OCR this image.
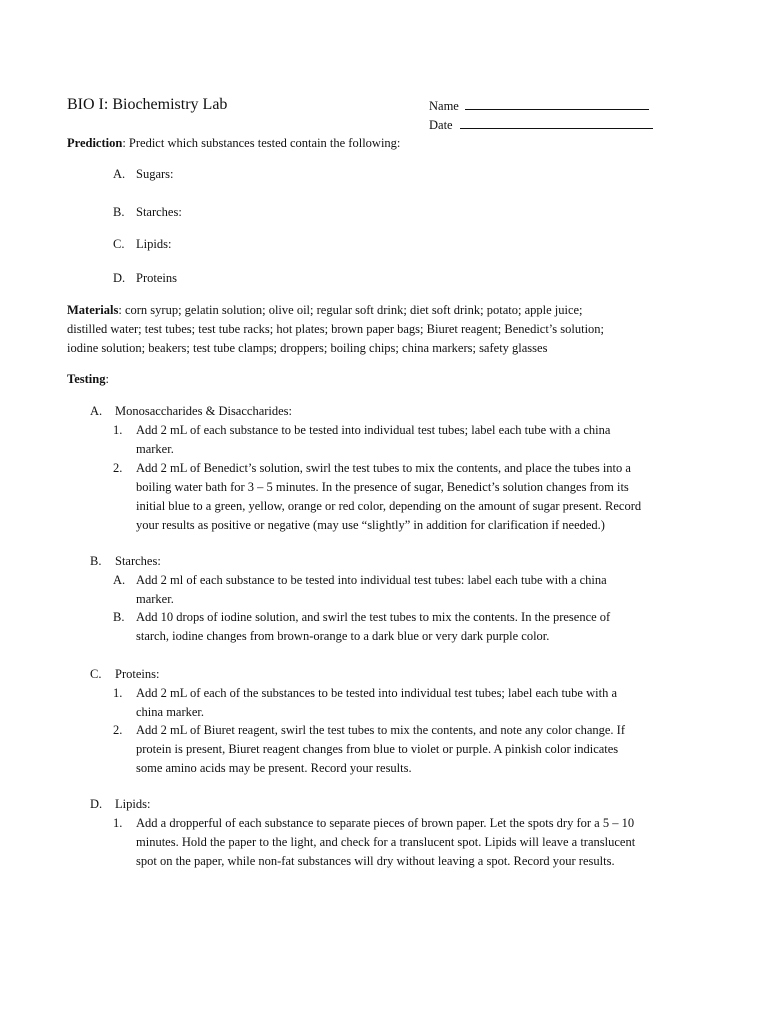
BIO I: Biochemistry Lab	Name
Date
Prediction: Predict which substances tested contain the following:
A. Sugars:
B. Starches:
C. Lipids:
D. Proteins

Materials: corn syrup; gelatin solution; olive oil; regular soft drink; diet soft drink; potato; apple juice;

distilled water; test tubes; test tube racks; hot plates; brown paper bags; Biuret reagent; Benedict’s solution;

iodine solution; beakers; test tube clamps; droppers; boiling chips; china markers; safety glasses

Testing:
A. Monosaccharides & Disaccharides:
1. Add 2 mL of each substance to be tested into individual test tubes; label each tube with a china
marker.
2. Add 2 mL of Benedict’s solution, swirl the test tubes to mix the contents, and place the tubes into a
boiling water bath for 3 – 5 minutes. In the presence of sugar, Benedict’s solution changes from its
initial blue to a green, yellow, orange or red color, depending on the amount of sugar present. Record
your results as positive or negative (may use “slightly” in addition for clarification if needed.)
B. Starches:
A. Add 2 ml of each substance to be tested into individual test tubes: label each tube with a china
marker.
B. Add 10 drops of iodine solution, and swirl the test tubes to mix the contents. In the presence of
starch, iodine changes from brown-orange to a dark blue or very dark purple color.
C. Proteins:
1. Add 2 mL of each of the substances to be tested into individual test tubes; label each tube with a
china marker.
2. Add 2 mL of Biuret reagent, swirl the test tubes to mix the contents, and note any color change. If
protein is present, Biuret reagent changes from blue to violet or purple. A pinkish color indicates
some amino acids may be present. Record your results.
D. Lipids:
1. Add a dropperful of each substance to separate pieces of brown paper. Let the spots dry for a 5 – 10
minutes. Hold the paper to the light, and check for a translucent spot. Lipids will leave a translucent
spot on the paper, while non-fat substances will dry without leaving a spot. Record your results.
